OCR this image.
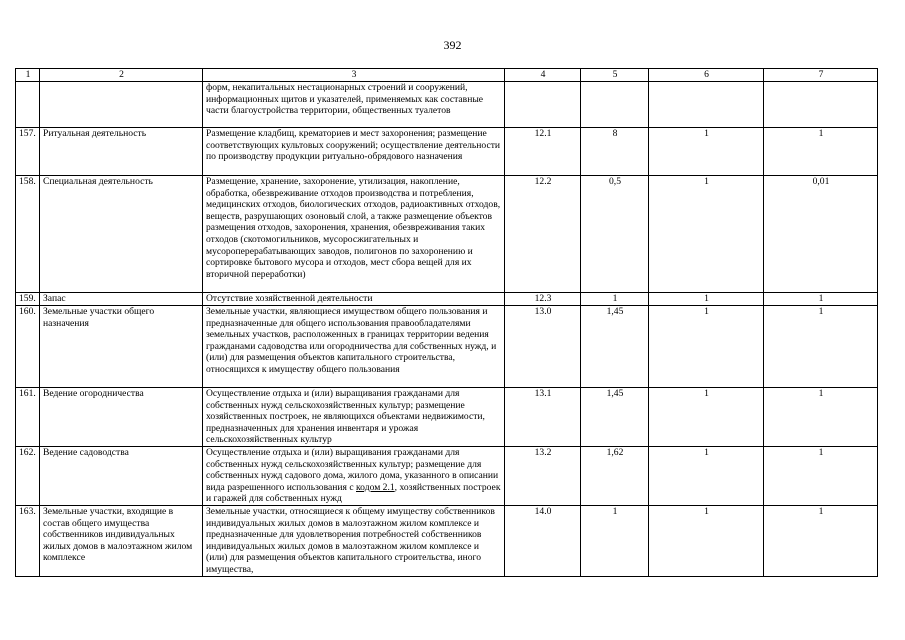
392
1	2	3	4	5	6	7
		форм, некапитальных нестационарных строений и сооружений, информационных щитов и указателей, применяемых как составные части благоустройства территории, общественных туалетов				
157.	Ритуальная деятельность	Размещение кладбищ, крематориев и мест захоронения; размещение соответствующих культовых сооружений; осуществление деятельности по производству продукции ритуально-обрядового назначения	12.1	8	1	1
158.	Специальная деятельность	Размещение, хранение, захоронение, утилизация, накопление, обработка, обезвреживание отходов производства и потребления, медицинских отходов, биологических отходов, радиоактивных отходов, веществ, разрушающих озоновый слой, а также размещение объектов размещения отходов, захоронения, хранения, обезвреживания таких отходов (скотомогильников, мусоросжигательных и мусороперерабатывающих заводов, полигонов по захоронению и сортировке бытового мусора и отходов, мест сбора вещей для их вторичной переработки)	12.2	0,5	1	0,01
159.	Запас	Отсутствие хозяйственной деятельности	12.3	1	1	1
160.	Земельные участки общего назначения	Земельные участки, являющиеся имуществом общего пользования и предназначенные для общего использования правообладателями земельных участков, расположенных в границах территории ведения гражданами садоводства или огородничества для собственных нужд, и (или) для размещения объектов капитального строительства, относящихся к имуществу общего пользования	13.0	1,45	1	1
161.	Ведение огородничества	Осуществление отдыха и (или) выращивания гражданами для собственных нужд сельскохозяйственных культур; размещение хозяйственных построек, не являющихся объектами недвижимости, предназначенных для хранения инвентаря и урожая сельскохозяйственных культур	13.1	1,45	1	1
162.	Ведение садоводства	Осуществление отдыха и (или) выращивания гражданами для собственных нужд сельскохозяйственных культур; размещение для собственных нужд садового дома, жилого дома, указанного в описании вида разрешенного использования с кодом 2.1, хозяйственных построек и гаражей для собственных нужд	13.2	1,62	1	1
163.	Земельные участки, входящие в состав общего имущества собственников индивидуальных жилых домов в малоэтажном жилом комплексе	Земельные участки, относящиеся к общему имуществу собственников индивидуальных жилых домов в малоэтажном жилом комплексе и предназначенные для удовлетворения потребностей собственников индивидуальных жилых домов в малоэтажном жилом комплексе и (или) для размещения объектов капитального строительства, иного имущества,	14.0	1	1	1
